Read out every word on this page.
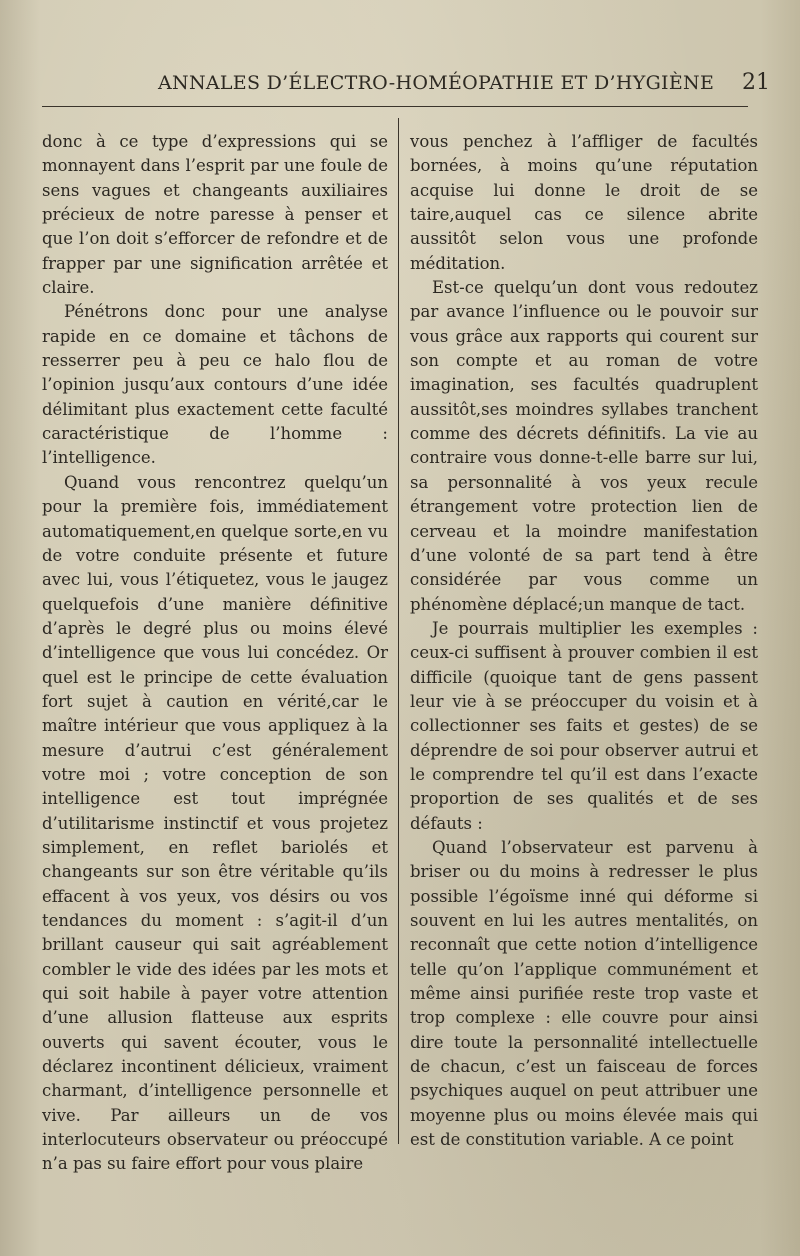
ANNALES D’ÉLECTRO-HOMÉOPATHIE ET D’HYGIÈNE 21

donc à ce type d’expressions qui se monnayent dans l’esprit par une foule de sens vagues et changeants auxiliaires précieux de notre paresse à penser et que l’on doit s’efforcer de refondre et de frapper par une signification arrêtée et claire.

Pénétrons donc pour une analyse rapide en ce domaine et tâchons de resserrer peu à peu ce halo flou de l’opinion jusqu’aux contours d’une idée délimitant plus exactement cette faculté caractéristique de l’homme : l’intelligence.

Quand vous rencontrez quelqu’un pour la première fois, immédiatement automatiquement,en quelque sorte,en vu de votre conduite présente et future avec lui, vous l’étiquetez, vous le jaugez quelquefois d’une manière définitive d’après le degré plus ou moins élevé d’intelligence que vous lui concédez. Or quel est le principe de cette évaluation fort sujet à caution en vérité,car le maître intérieur que vous appliquez à la mesure d’autrui c’est généralement votre moi ; votre conception de son intelligence est tout imprégnée d’utilitarisme instinctif et vous projetez simplement, en reflet bariolés et changeants sur son être véritable qu’ils effacent à vos yeux, vos désirs ou vos tendances du moment : s’agit-il d’un brillant causeur qui sait agréablement combler le vide des idées par les mots et qui soit habile à payer votre attention d’une allusion flatteuse aux esprits ouverts qui savent écouter, vous le déclarez incontinent délicieux, vraiment charmant, d’intelligence personnelle et vive. Par ailleurs un de vos interlocuteurs observateur ou préoccupé n’a pas su faire effort pour vous plaire

vous penchez à l’affliger de facultés bornées, à moins qu’une réputation acquise lui donne le droit de se taire,auquel cas ce silence abrite aussitôt selon vous une profonde méditation.

Est-ce quelqu’un dont vous redoutez par avance l’influence ou le pouvoir sur vous grâce aux rapports qui courent sur son compte et au roman de votre imagination, ses facultés quadruplent aussitôt,ses moindres syllabes tranchent comme des décrets définitifs. La vie au contraire vous donne-t-elle barre sur lui, sa personnalité à vos yeux recule étrangement votre protection lien de cerveau et la moindre manifestation d’une volonté de sa part tend à être considérée par vous comme un phénomène déplacé;un manque de tact.

Je pourrais multiplier les exemples : ceux-ci suffisent à prouver combien il est difficile (quoique tant de gens passent leur vie à se préoccuper du voisin et à collectionner ses faits et gestes) de se déprendre de soi pour observer autrui et le comprendre tel qu’il est dans l’exacte proportion de ses qualités et de ses défauts :

Quand l’observateur est parvenu à briser ou du moins à redresser le plus possible l’égoïsme inné qui déforme si souvent en lui les autres mentalités, on reconnaît que cette notion d’intelligence telle qu’on l’applique communément et même ainsi purifiée reste trop vaste et trop complexe : elle couvre pour ainsi dire toute la personnalité intellectuelle de chacun, c’est un faisceau de forces psychiques auquel on peut attribuer une moyenne plus ou moins élevée mais qui est de constitution variable. A ce point
